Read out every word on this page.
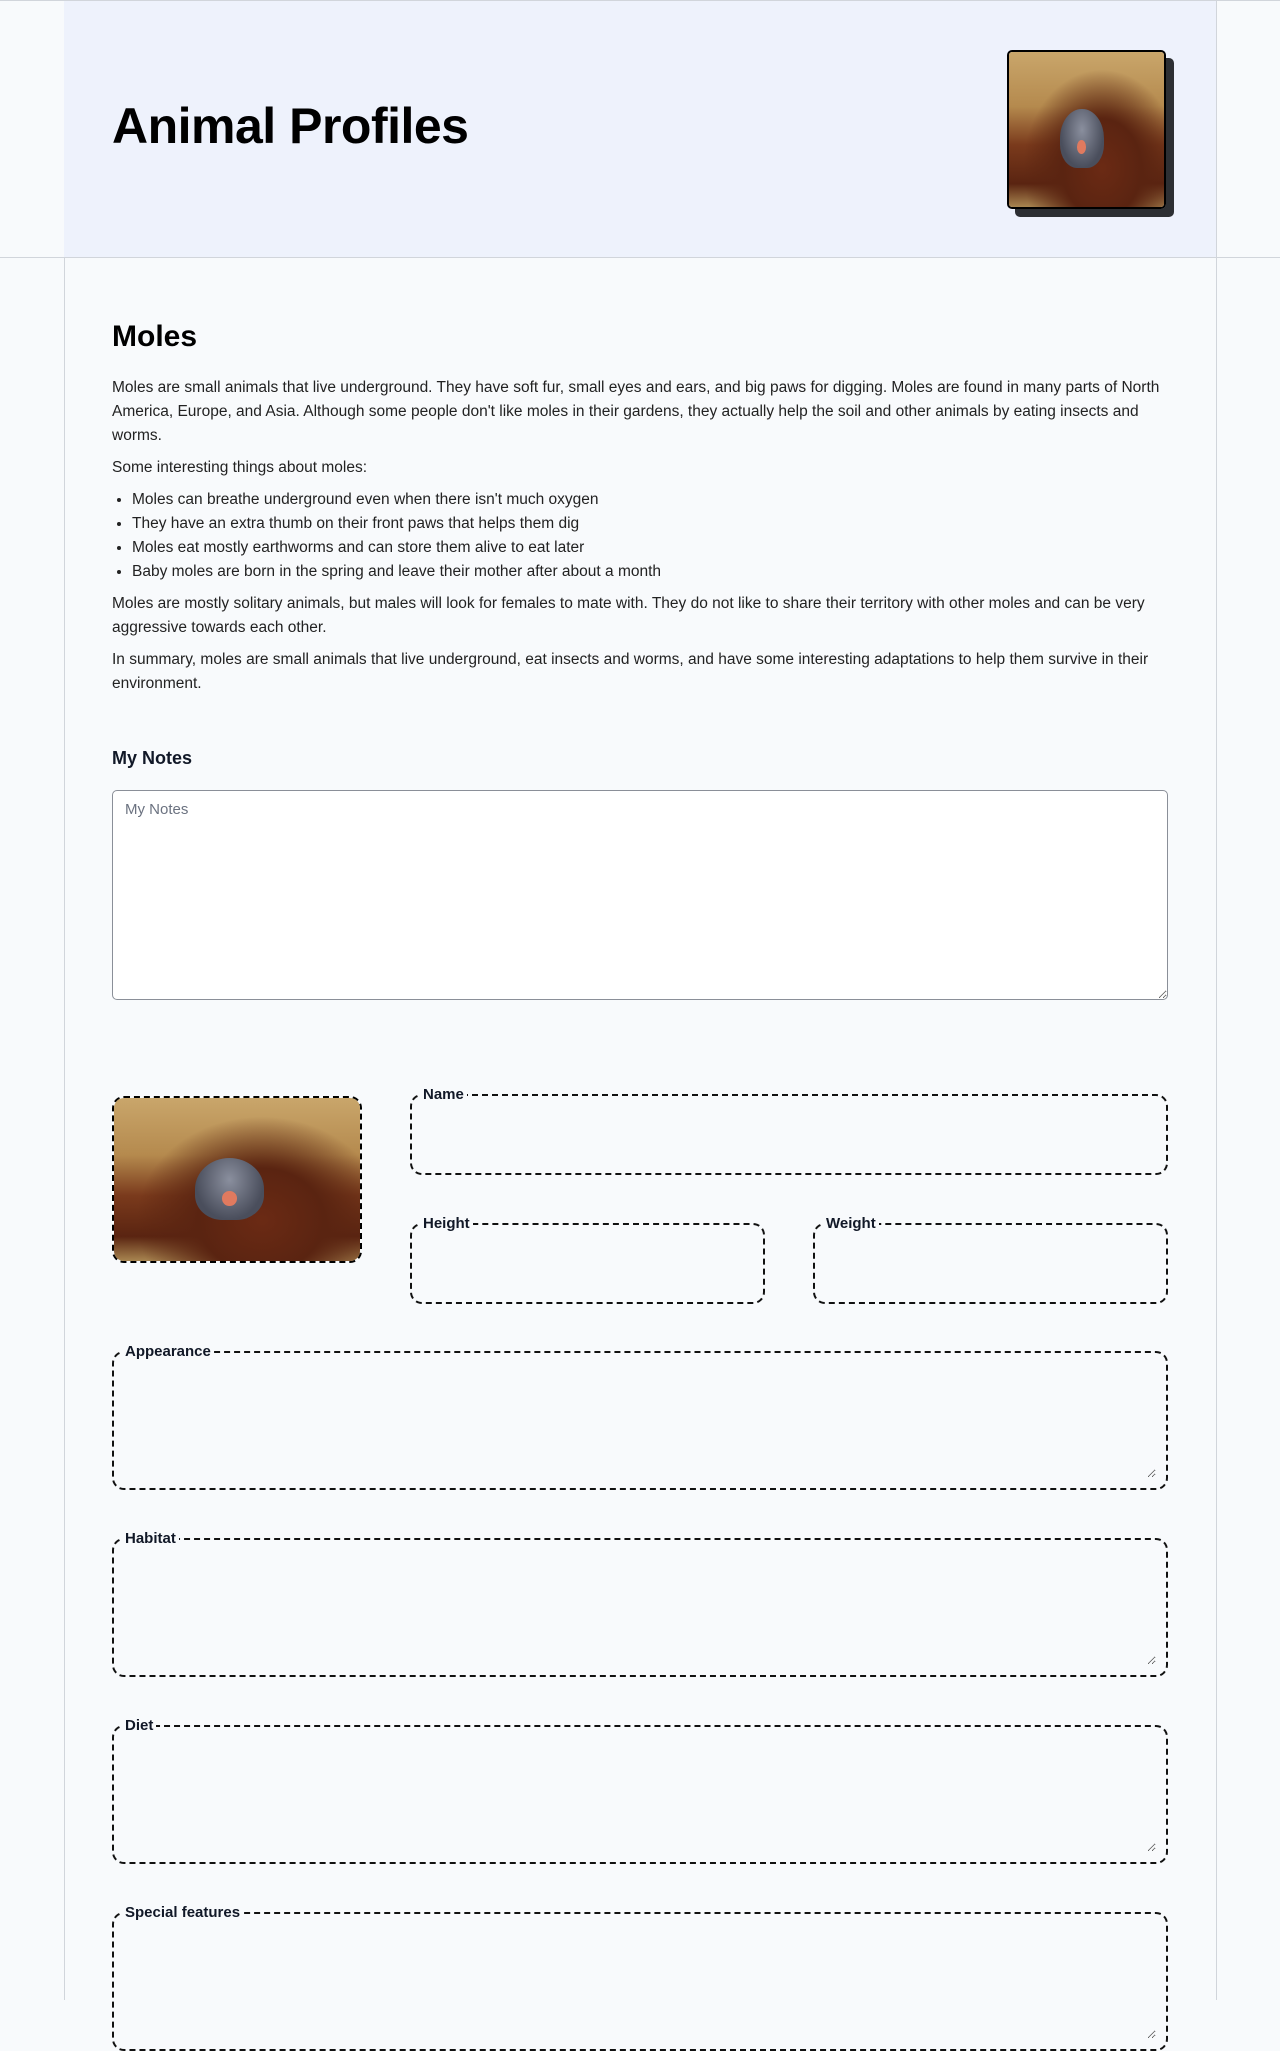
Animal Profiles
Moles

Moles are small animals that live underground. They have soft fur, small eyes and ears, and big paws for digging. Moles are found in many parts of North America, Europe, and Asia. Although some people don't like moles in their gardens, they actually help the soil and other animals by eating insects and worms.

Some interesting things about moles:

• Moles can breathe underground even when there isn't much oxygen
• They have an extra thumb on their front paws that helps them dig
• Moles eat mostly earthworms and can store them alive to eat later
• Baby moles are born in the spring and leave their mother after about a month

Moles are mostly solitary animals, but males will look for females to mate with. They do not like to share their territory with other moles and can be very aggressive towards each other.

In summary, moles are small animals that live underground, eat insects and worms, and have some interesting adaptations to help them survive in their environment.

My Notes
My Notes
Name
Height	Weight
Appearance
Habitat
Diet
Special features
